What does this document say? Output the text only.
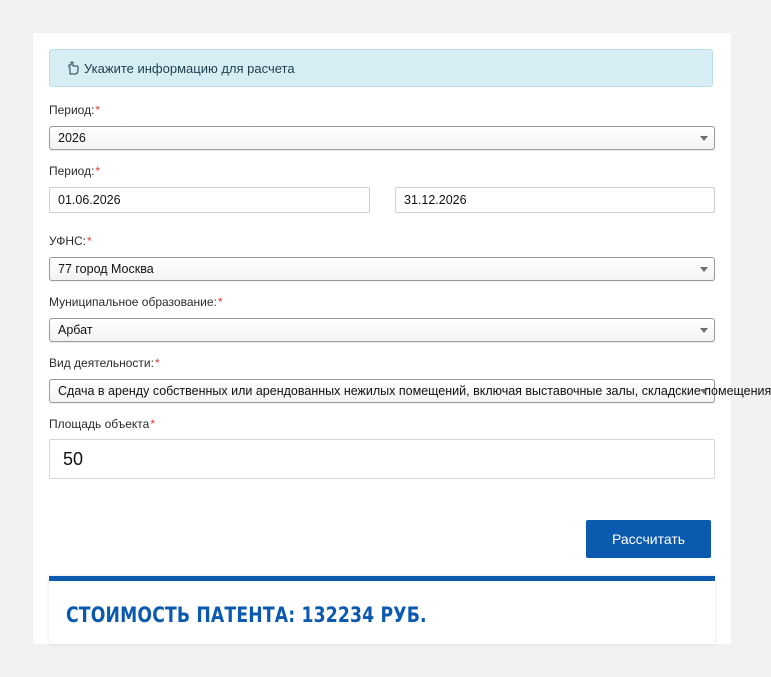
Укажите информацию для расчета
Период:*
2026
Период:*
01.06.2026	31.12.2026
УФНС:*
77 город Москва
Муниципальное образование:*
Арбат
Вид деятельности:*
Сдача в аренду собственных или арендованных нежилых помещений, включая выставочные залы, складские помещения
Площадь объекта*
50
Рассчитать
СТОИМОСТЬ ПАТЕНТА: 132234 РУБ.
